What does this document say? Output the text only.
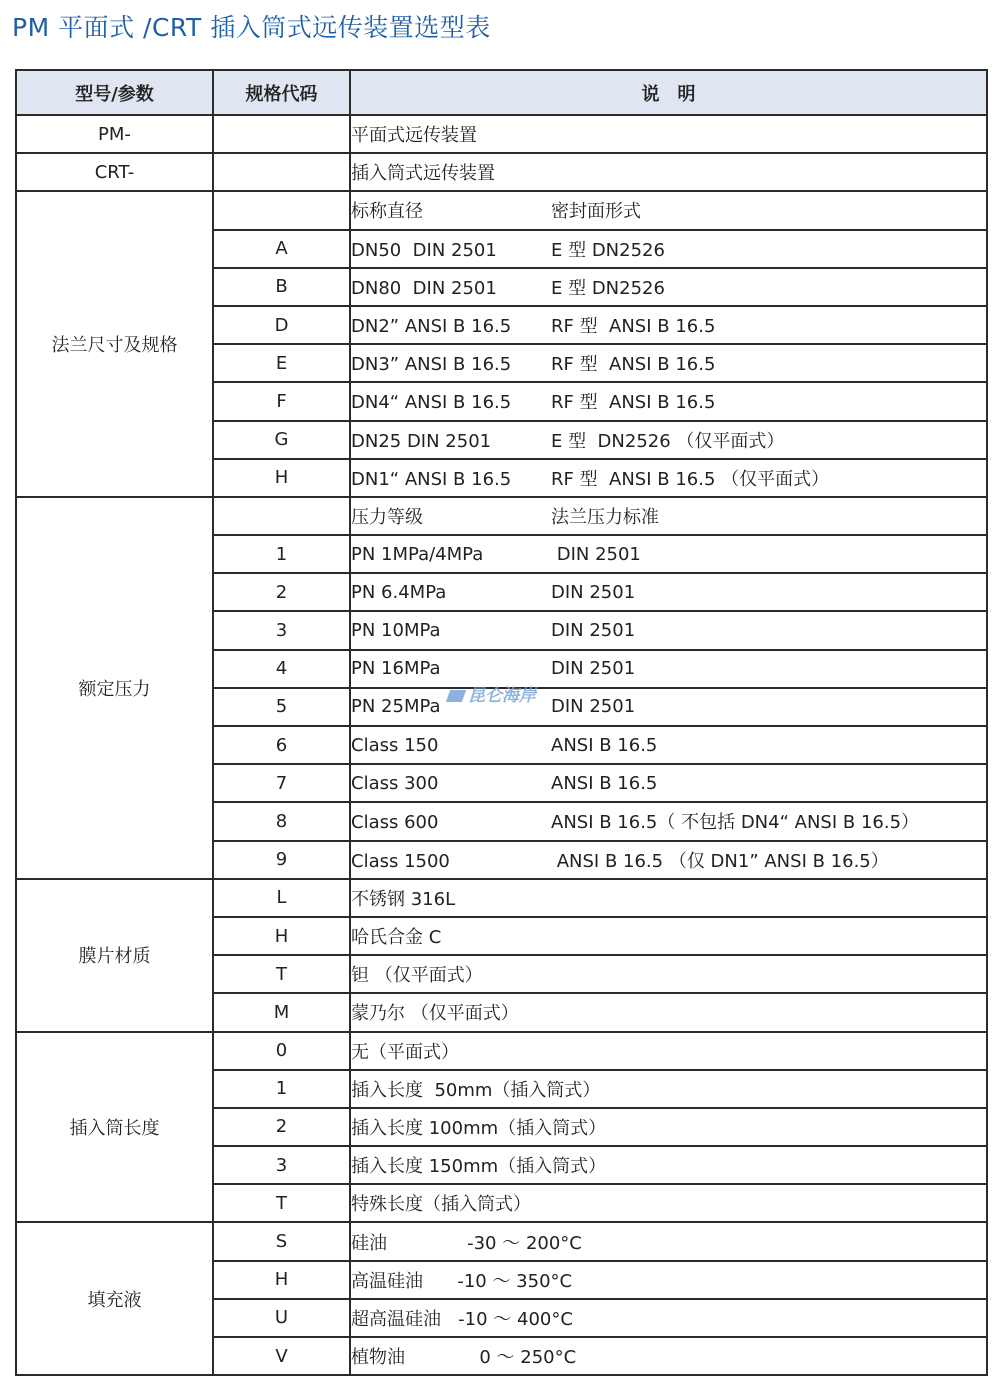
PM 平面式 /CRT 插入筒式远传装置选型表
型号/参数	规格代码	说　明
PM-		平面式远传装置
CRT-		插入筒式远传装置
法兰尺寸及规格		标称直径 密封面形式
	A	DN50  DIN 2501 E 型 DN2526
	B	DN80  DIN 2501 E 型 DN2526
	D	DN2” ANSI B 16.5 RF 型  ANSI B 16.5
	E	DN3” ANSI B 16.5 RF 型  ANSI B 16.5
	F	DN4“ ANSI B 16.5 RF 型  ANSI B 16.5
	G	DN25 DIN 2501 E 型  DN2526 （仅平面式）
	H	DN1“ ANSI B 16.5 RF 型  ANSI B 16.5 （仅平面式）
额定压力		压力等级 法兰压力标准
	1	PN 1MPa/4MPa DIN 2501
	2	PN 6.4MPa DIN 2501
	3	PN 10MPa DIN 2501
	4	PN 16MPa DIN 2501
	5	PN 25MPa DIN 2501
	6	Class 150 ANSI B 16.5
	7	Class 300 ANSI B 16.5
	8	Class 600 ANSI B 16.5（ 不包括 DN4“ ANSI B 16.5）
	9	Class 1500 ANSI B 16.5 （仅 DN1” ANSI B 16.5）
膜片材质	L	不锈钢 316L
	H	哈氏合金 C
	T	钽 （仅平面式）
	M	蒙乃尔 （仅平面式）
插入筒长度	0	无（平面式）
	1	插入长度  50mm（插入筒式）
	2	插入长度 100mm（插入筒式）
	3	插入长度 150mm（插入筒式）
	T	特殊长度（插入筒式）
填充液	S	硅油              -30 ～ 200°C
	H	高温硅油      -10 ～ 350°C
	U	超高温硅油   -10 ～ 400°C
	V	植物油             0 ～ 250°C
昆仑海岸
